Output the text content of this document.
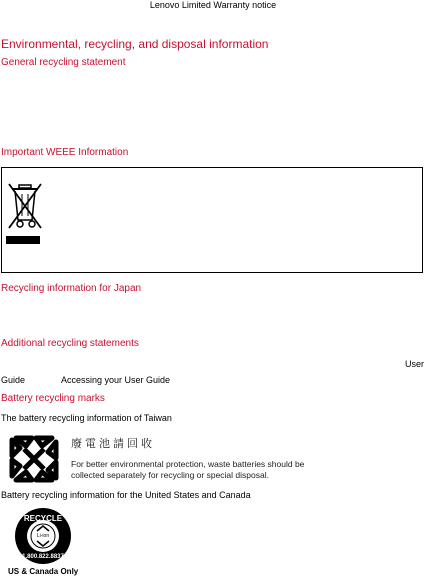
Lenovo Limited Warranty notice
Environmental, recycling, and disposal information
General recycling statement
Important WEEE Information
Recycling information for Japan
Additional recycling statements
User
Guide	Accessing your User Guide
Battery recycling marks
The battery recycling information of Taiwan
廢電池請回收
For better environmental protection, waste batteries should be
collected separately for recycling or special disposal.
Battery recycling information for the United States and Canada
RECYCLE
1.800.822.8837
Li-ion
US & Canada Only
